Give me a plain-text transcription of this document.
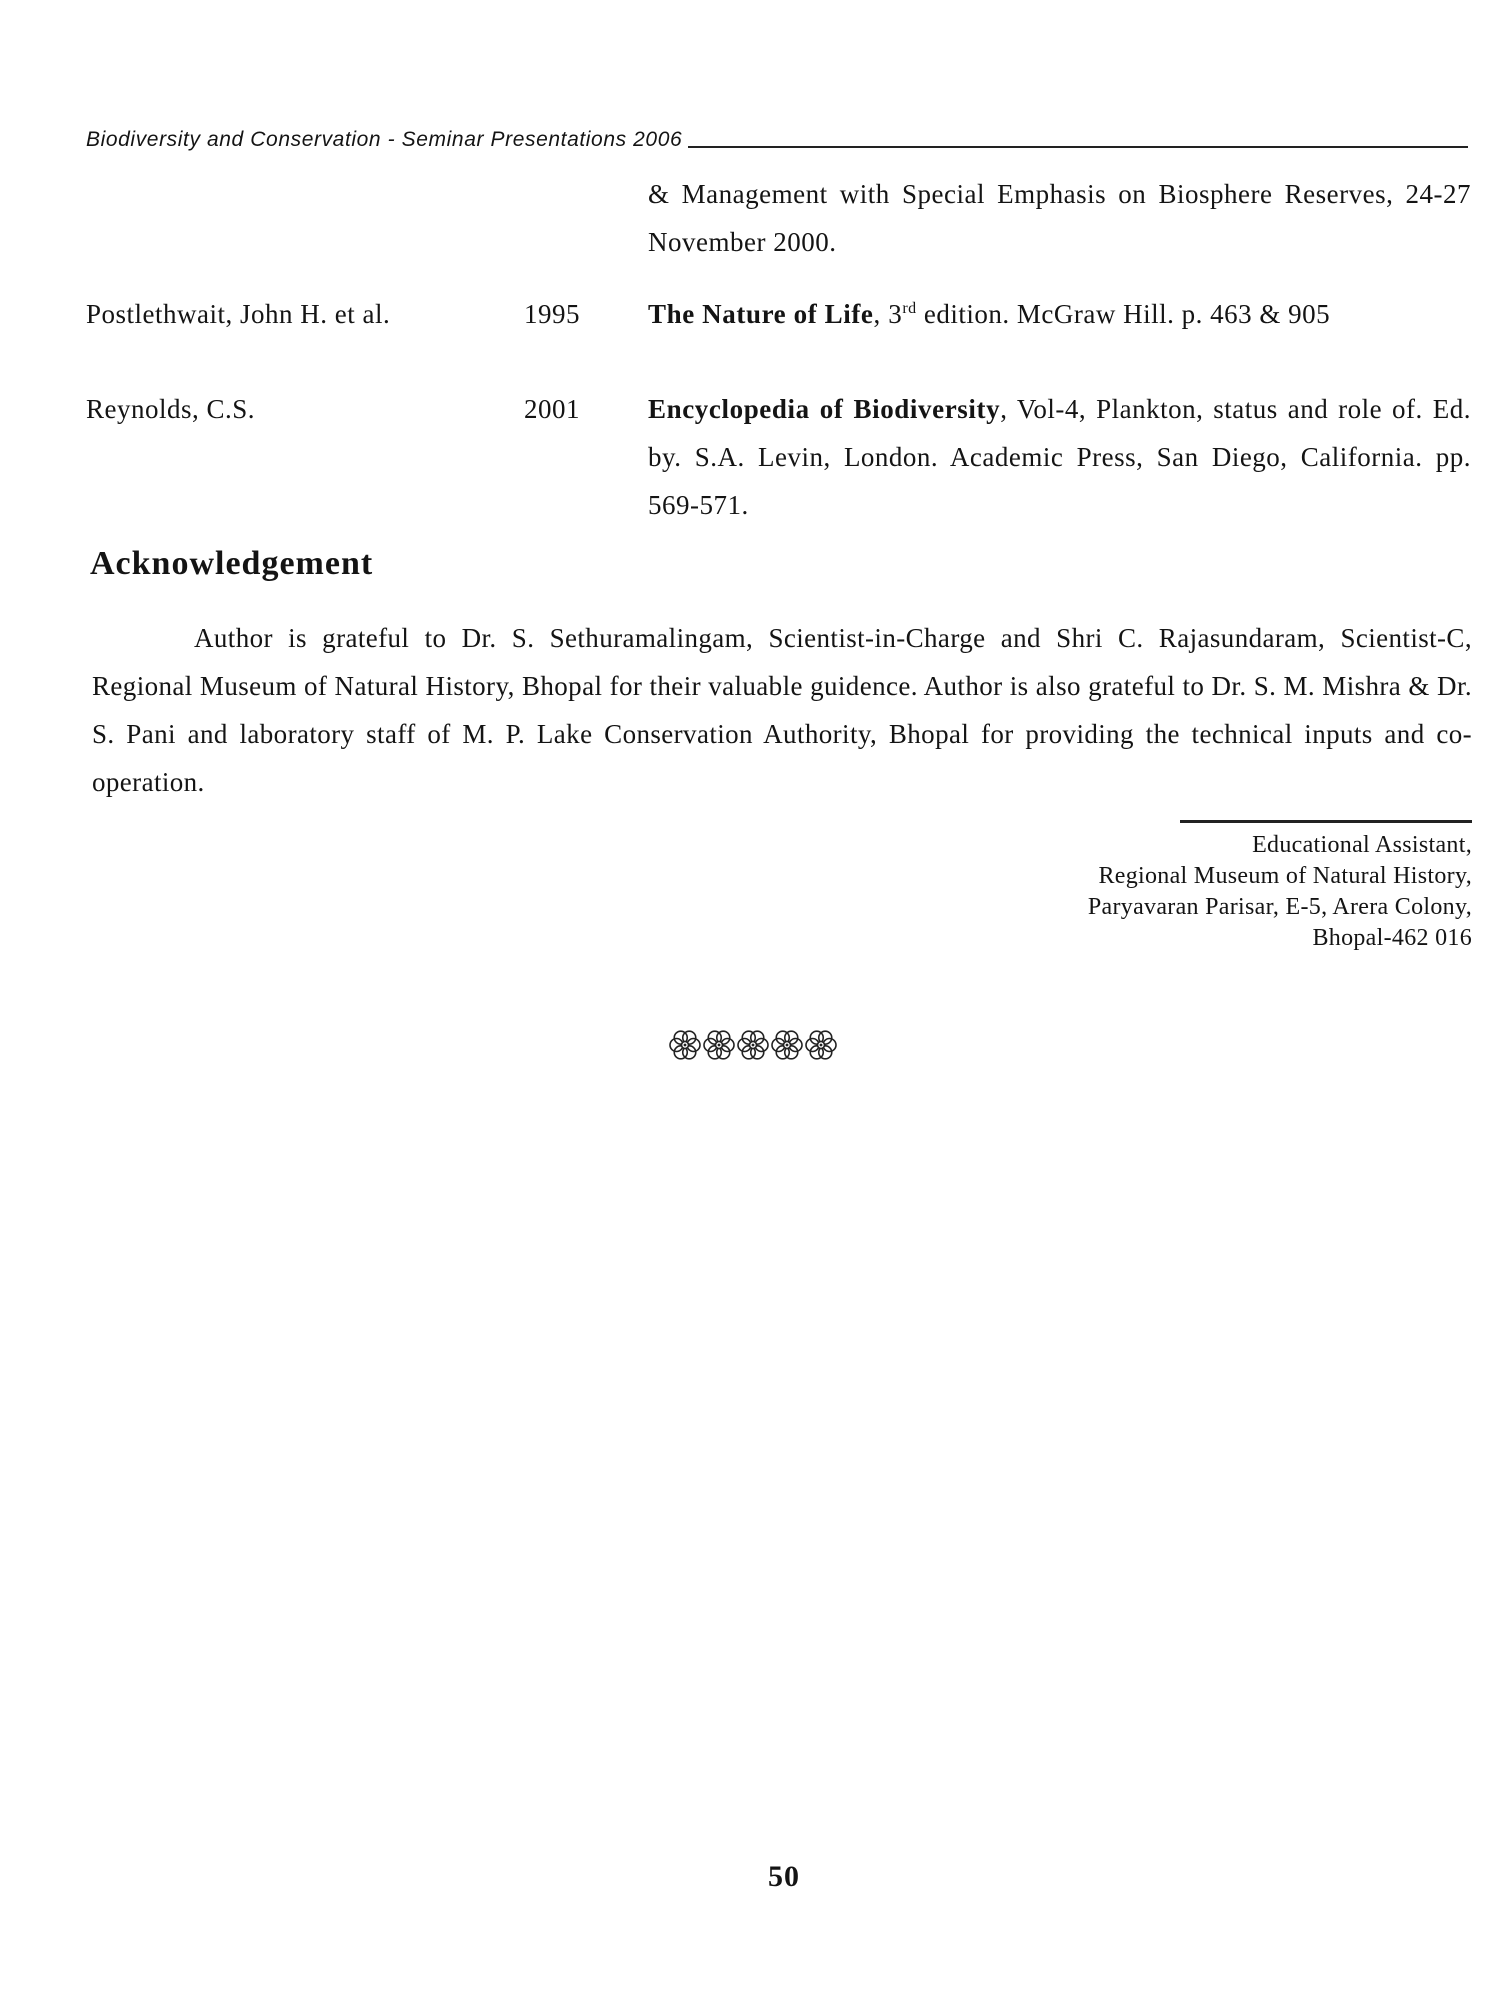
Biodiversity and Conservation - Seminar Presentations 2006
& Management with Special Emphasis on Biosphere Reserves, 24-27 November 2000.
Postlethwait, John H. et al.	1995	The Nature of Life, 3rd edition. McGraw Hill. p. 463 & 905
Reynolds, C.S.	2001	Encyclopedia of Biodiversity, Vol-4, Plankton, status and role of. Ed. by. S.A. Levin, London. Academic Press, San Diego, California. pp. 569-571.
Acknowledgement

Author is grateful to Dr. S. Sethuramalingam, Scientist-in-Charge and Shri C. Rajasundaram, Scientist-C, Regional Museum of Natural History, Bhopal for their valuable guidence. Author is also grateful to Dr. S. M. Mishra & Dr. S. Pani and laboratory staff of M. P. Lake Conservation Authority, Bhopal for providing the technical inputs and co-operation.

Educational Assistant,
Regional Museum of Natural History,
Paryavaran Parisar, E-5, Arera Colony,
Bhopal-462 016
50
